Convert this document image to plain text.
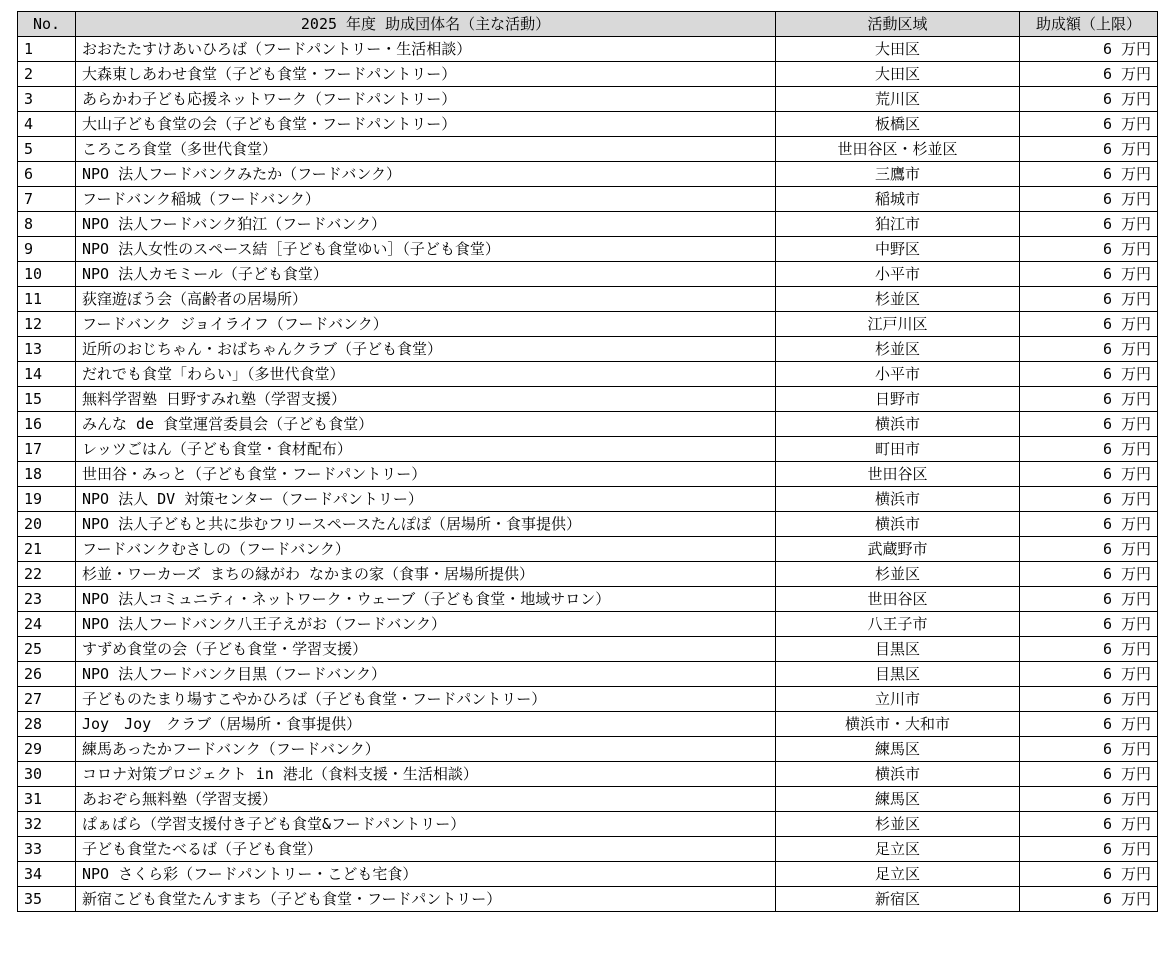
No.	2025 年度 助成団体名（主な活動）	活動区域	助成額（上限）
1	おおたたすけあいひろば（フードパントリー・生活相談）	大田区	6 万円
2	大森東しあわせ食堂（子ども食堂・フードパントリー）	大田区	6 万円
3	あらかわ子ども応援ネットワーク（フードパントリー）	荒川区	6 万円
4	大山子ども食堂の会（子ども食堂・フードパントリー）	板橋区	6 万円
5	ころころ食堂（多世代食堂）	世田谷区・杉並区	6 万円
6	NPO 法人フードバンクみたか（フードバンク）	三鷹市	6 万円
7	フードバンク稲城（フードバンク）	稲城市	6 万円
8	NPO 法人フードバンク狛江（フードバンク）	狛江市	6 万円
9	NPO 法人女性のスペース結［子ども食堂ゆい］（子ども食堂）	中野区	6 万円
10	NPO 法人カモミール（子ども食堂）	小平市	6 万円
11	荻窪遊ぼう会（高齢者の居場所）	杉並区	6 万円
12	フードバンク ジョイライフ（フードバンク）	江戸川区	6 万円
13	近所のおじちゃん・おばちゃんクラブ（子ども食堂）	杉並区	6 万円
14	だれでも食堂「わらい」（多世代食堂）	小平市	6 万円
15	無料学習塾 日野すみれ塾（学習支援）	日野市	6 万円
16	みんな de 食堂運営委員会（子ども食堂）	横浜市	6 万円
17	レッツごはん（子ども食堂・食材配布）	町田市	6 万円
18	世田谷・みっと（子ども食堂・フードパントリー）	世田谷区	6 万円
19	NPO 法人 DV 対策センター（フードパントリー）	横浜市	6 万円
20	NPO 法人子どもと共に歩むフリースペースたんぽぽ（居場所・食事提供）	横浜市	6 万円
21	フードバンクむさしの（フードバンク）	武蔵野市	6 万円
22	杉並・ワーカーズ まちの縁がわ なかまの家（食事・居場所提供）	杉並区	6 万円
23	NPO 法人コミュニティ・ネットワーク・ウェーブ（子ども食堂・地域サロン）	世田谷区	6 万円
24	NPO 法人フードバンク八王子えがお（フードバンク）	八王子市	6 万円
25	すずめ食堂の会（子ども食堂・学習支援）	目黒区	6 万円
26	NPO 法人フードバンク目黒（フードバンク）	目黒区	6 万円
27	子どものたまり場すこやかひろば（子ども食堂・フードパントリー）	立川市	6 万円
28	Joy　Joy　クラブ（居場所・食事提供）	横浜市・大和市	6 万円
29	練馬あったかフードバンク（フードバンク）	練馬区	6 万円
30	コロナ対策プロジェクト in 港北（食料支援・生活相談）	横浜市	6 万円
31	あおぞら無料塾（学習支援）	練馬区	6 万円
32	ぱぁぱら（学習支援付き子ども食堂&フードパントリー）	杉並区	6 万円
33	子ども食堂たべるば（子ども食堂）	足立区	6 万円
34	NPO さくら彩（フードパントリー・こども宅食）	足立区	6 万円
35	新宿こども食堂たんすまち（子ども食堂・フードパントリー）	新宿区	6 万円
